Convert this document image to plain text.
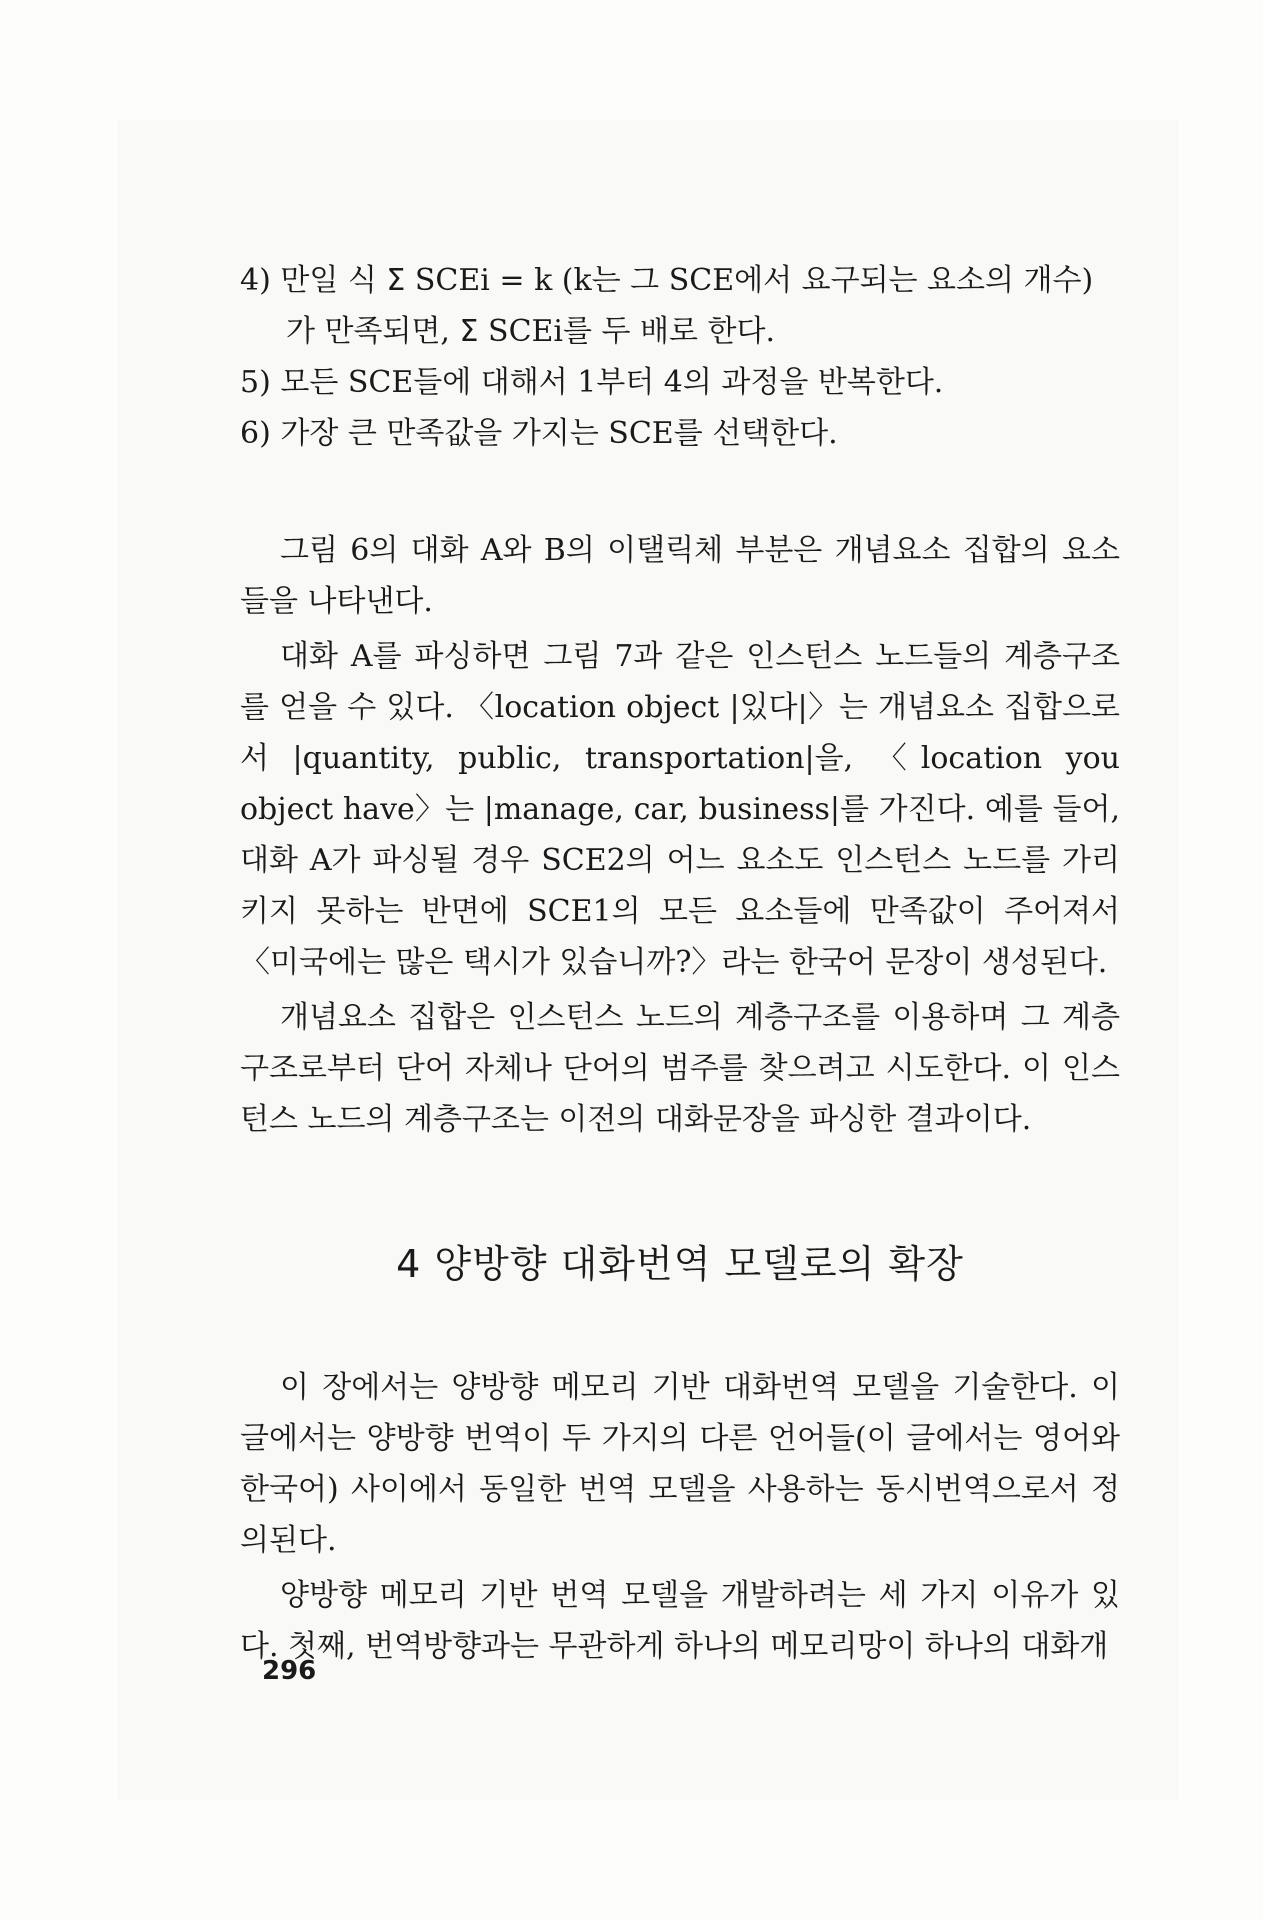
4) 만일 식 Σ SCEi = k (k는 그 SCE에서 요구되는 요소의 개수)
가 만족되면, Σ SCEi를 두 배로 한다.
5) 모든 SCE들에 대해서 1부터 4의 과정을 반복한다.
6) 가장 큰 만족값을 가지는 SCE를 선택한다.

그림 6의 대화 A와 B의 이탤릭체 부분은 개념요소 집합의 요소들을 나타낸다.

대화 A를 파싱하면 그림 7과 같은 인스턴스 노드들의 계층구조를 얻을 수 있다. 〈location object |있다|〉는 개념요소 집합으로서 |quantity, public, transportation|을, 〈location you object have〉는 |manage, car, business|를 가진다. 예를 들어, 대화 A가 파싱될 경우 SCE2의 어느 요소도 인스턴스 노드를 가리키지 못하는 반면에 SCE1의 모든 요소들에 만족값이 주어져서 〈미국에는 많은 택시가 있습니까?〉라는 한국어 문장이 생성된다.

개념요소 집합은 인스턴스 노드의 계층구조를 이용하며 그 계층구조로부터 단어 자체나 단어의 범주를 찾으려고 시도한다. 이 인스턴스 노드의 계층구조는 이전의 대화문장을 파싱한 결과이다.

4 양방향 대화번역 모델로의 확장

이 장에서는 양방향 메모리 기반 대화번역 모델을 기술한다. 이 글에서는 양방향 번역이 두 가지의 다른 언어들(이 글에서는 영어와 한국어) 사이에서 동일한 번역 모델을 사용하는 동시번역으로서 정의된다.

양방향 메모리 기반 번역 모델을 개발하려는 세 가지 이유가 있다. 첫째, 번역방향과는 무관하게 하나의 메모리망이 하나의 대화개

296
